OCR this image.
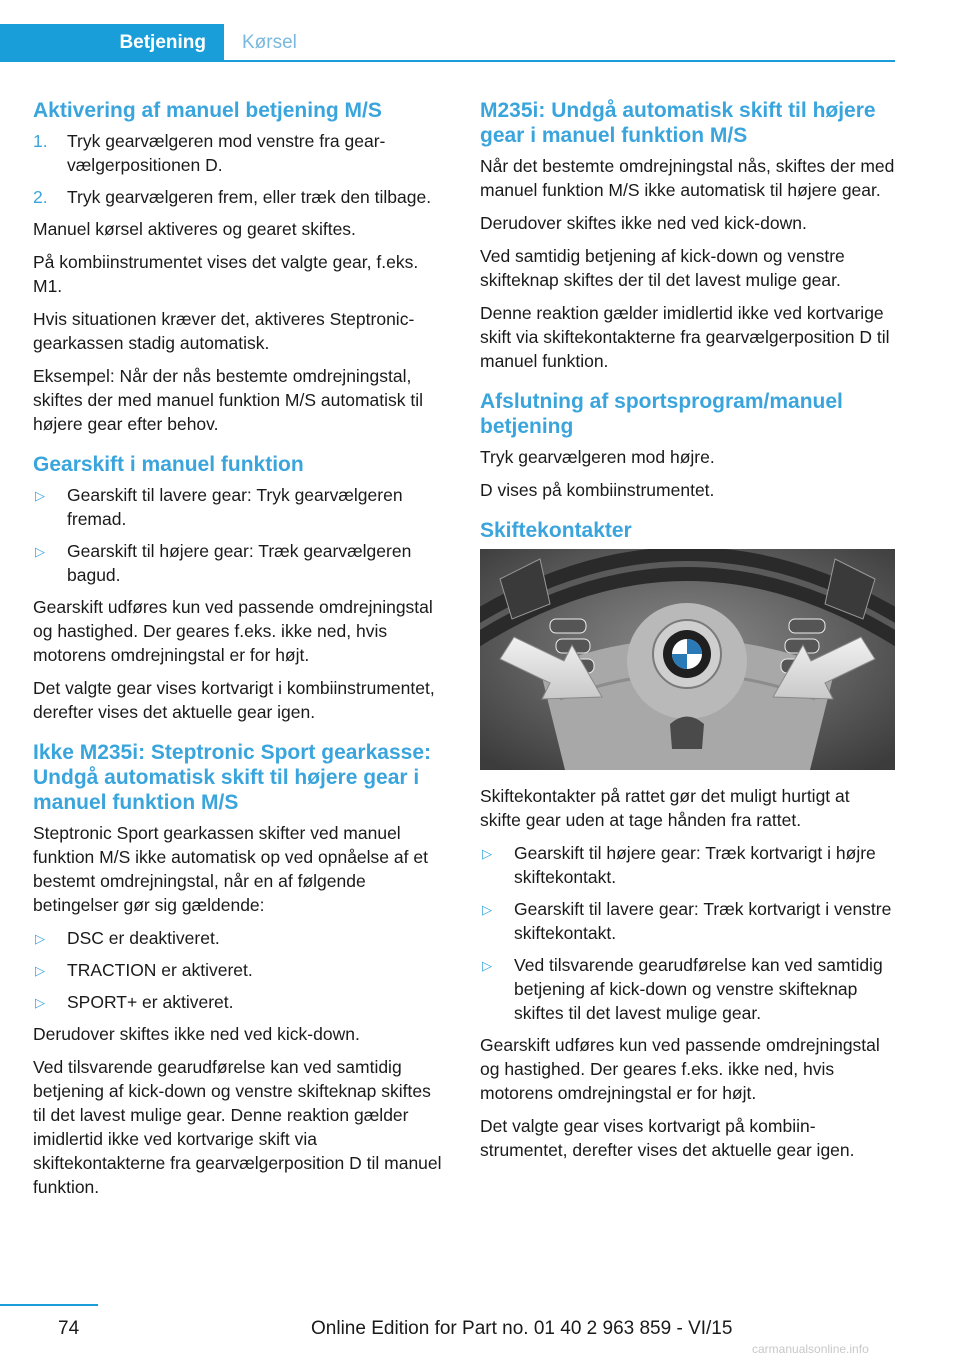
Betjening	Kørsel
Aktivering af manuel betjening M/S
1. Tryk gearvælgeren mod venstre fra gearvælgerpositionen D.
2. Tryk gearvælgeren frem, eller træk den tilbage.

Manuel kørsel aktiveres og gearet skiftes.

På kombiinstrumentet vises det valgte gear, f.eks. M1.

Hvis situationen kræver det, aktiveres Steptronic-gearkassen stadig automatisk.

Eksempel: Når der nås bestemte omdrejningstal, skiftes der med manuel funktion M/S automatisk til højere gear efter behov.

Gearskift i manuel funktion
▷ Gearskift til lavere gear: Tryk gearvælgeren fremad.
▷ Gearskift til højere gear: Træk gearvælgeren bagud.

Gearskift udføres kun ved passende omdrejningstal og hastighed. Der geares f.eks. ikke ned, hvis motorens omdrejningstal er for højt.

Det valgte gear vises kortvarigt i kombiinstrumentet, derefter vises det aktuelle gear igen.

Ikke M235i: Steptronic Sport gearkasse: Undgå automatisk skift til højere gear i manuel funktion M/S

Steptronic Sport gearkassen skifter ved manuel funktion M/S ikke automatisk op ved opnåelse af et bestemt omdrejningstal, når en af følgende betingelser gør sig gældende:

▷ DSC er deaktiveret.
▷ TRACTION er aktiveret.
▷ SPORT+ er aktiveret.

Derudover skiftes ikke ned ved kick-down.

Ved tilsvarende gearudførelse kan ved samtidig betjening af kick-down og venstre skifteknap skiftes til det lavest mulige gear. Denne reaktion gælder imidlertid ikke ved kortvarige skift via skiftekontakterne fra gearvælgerposition D til manuel funktion.

M235i: Undgå automatisk skift til højere gear i manuel funktion M/S

Når det bestemte omdrejningstal nås, skiftes der med manuel funktion M/S ikke automatisk til højere gear.

Derudover skiftes ikke ned ved kick-down.

Ved samtidig betjening af kick-down og venstre skifteknap skiftes der til det lavest mulige gear.

Denne reaktion gælder imidlertid ikke ved kortvarige skift via skiftekontakterne fra gearvælgerposition D til manuel funktion.

Afslutning af sportsprogram/manuel betjening

Tryk gearvælgeren mod højre.

D vises på kombiinstrumentet.

Skiftekontakter

Skiftekontakter på rattet gør det muligt hurtigt at skifte gear uden at tage hånden fra rattet.

▷ Gearskift til højere gear: Træk kortvarigt i højre skiftekontakt.
▷ Gearskift til lavere gear: Træk kortvarigt i venstre skiftekontakt.
▷ Ved tilsvarende gearudførelse kan ved samtidig betjening af kick-down og venstre skifteknap skiftes til det lavest mulige gear.

Gearskift udføres kun ved passende omdrejningstal og hastighed. Der geares f.eks. ikke ned, hvis motorens omdrejningstal er for højt.

Det valgte gear vises kortvarigt på kombiinstrumentet, derefter vises det aktuelle gear igen.

74	Online Edition for Part no. 01 40 2 963 859 - VI/15
carmanualsonline.info
